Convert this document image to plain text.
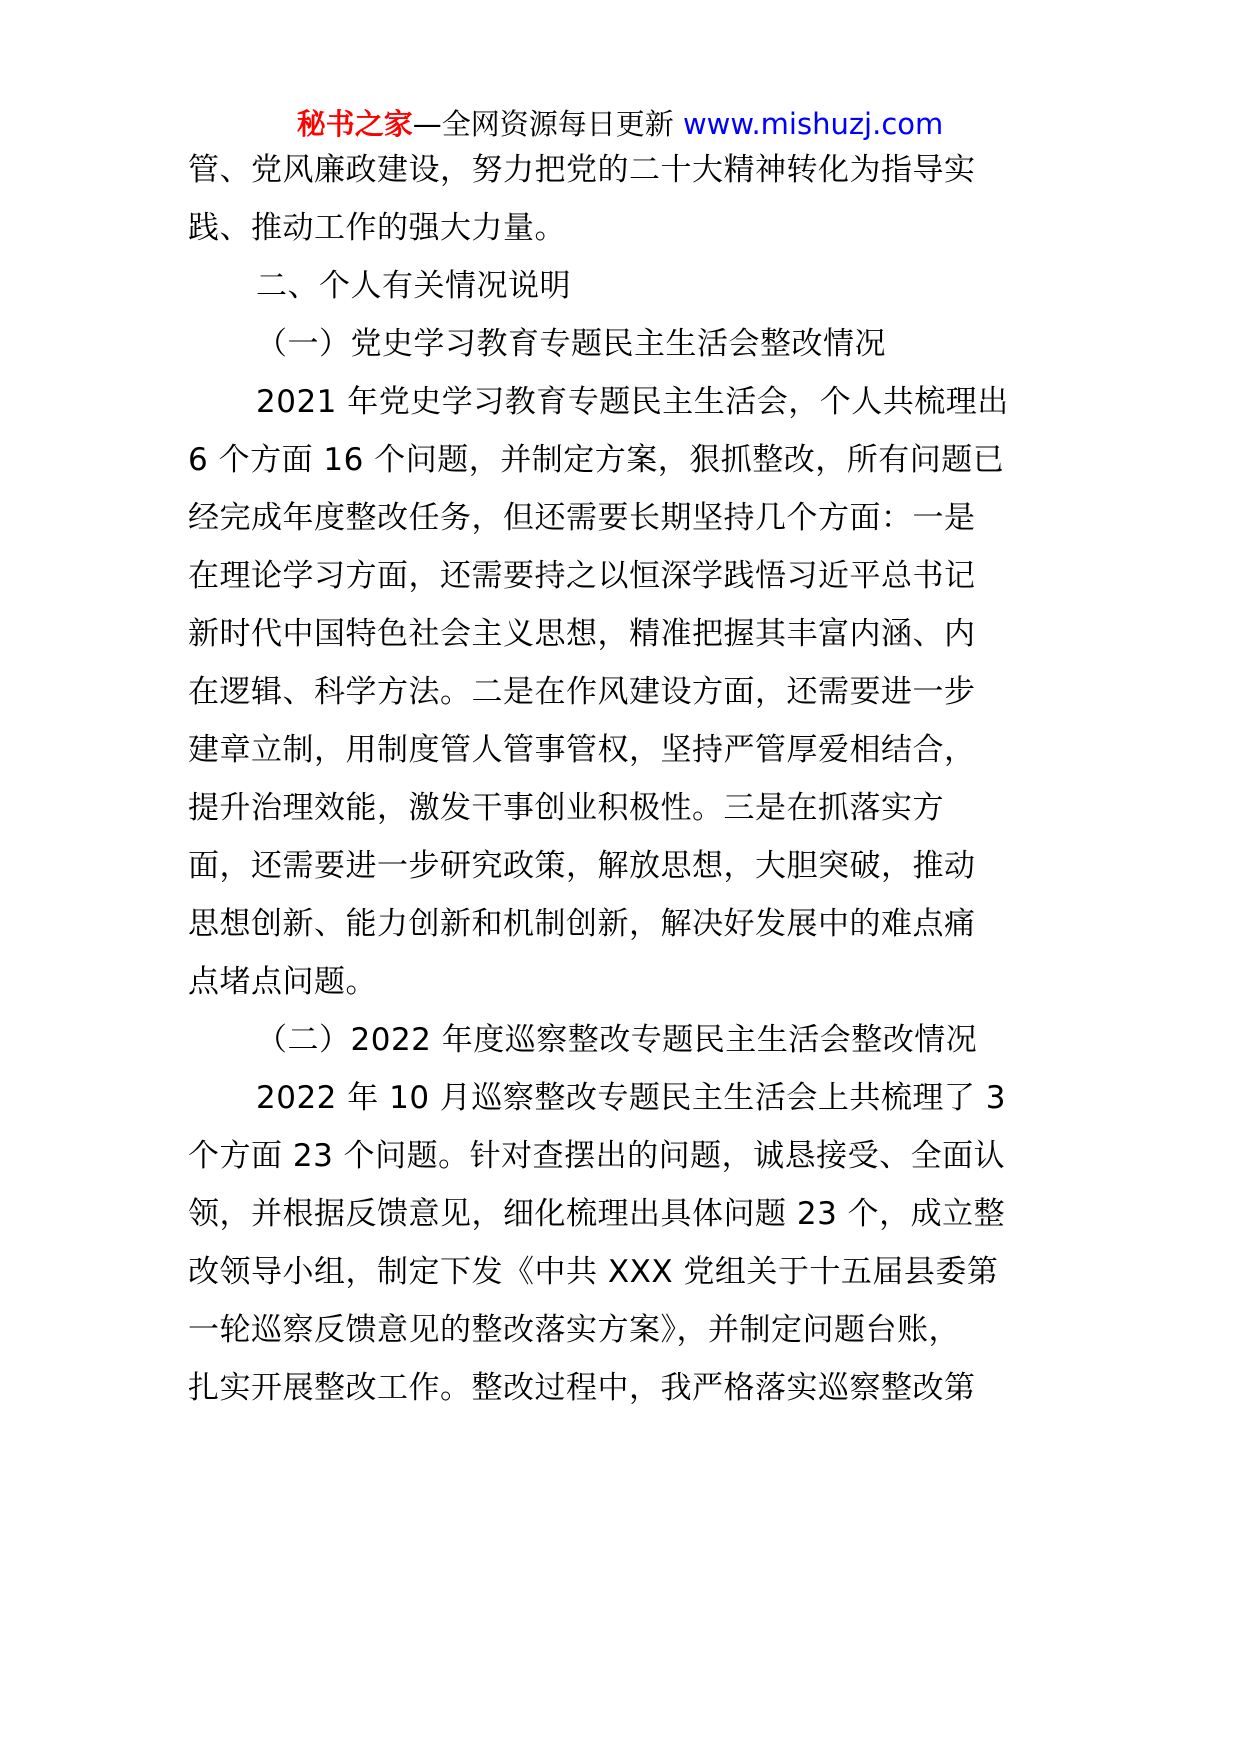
秘书之家—全网资源每日更新 www.mishuzj.com
管、党风廉政建设，努力把党的二十大精神转化为指导实
践、推动工作的强大力量。
二、个人有关情况说明
（一）党史学习教育专题民主生活会整改情况
2021 年党史学习教育专题民主生活会，个人共梳理出
6 个方面 16 个问题，并制定方案，狠抓整改，所有问题已
经完成年度整改任务，但还需要长期坚持几个方面：一是
在理论学习方面，还需要持之以恒深学践悟习近平总书记
新时代中国特色社会主义思想，精准把握其丰富内涵、内
在逻辑、科学方法。二是在作风建设方面，还需要进一步
建章立制，用制度管人管事管权，坚持严管厚爱相结合，
提升治理效能，激发干事创业积极性。三是在抓落实方
面，还需要进一步研究政策，解放思想，大胆突破，推动
思想创新、能力创新和机制创新，解决好发展中的难点痛
点堵点问题。
（二）2022 年度巡察整改专题民主生活会整改情况
2022 年 10 月巡察整改专题民主生活会上共梳理了 3
个方面 23 个问题。针对查摆出的问题，诚恳接受、全面认
领，并根据反馈意见，细化梳理出具体问题 23 个，成立整
改领导小组，制定下发《中共 XXX 党组关于十五届县委第
一轮巡察反馈意见的整改落实方案》，并制定问题台账，
扎实开展整改工作。整改过程中，我严格落实巡察整改第
